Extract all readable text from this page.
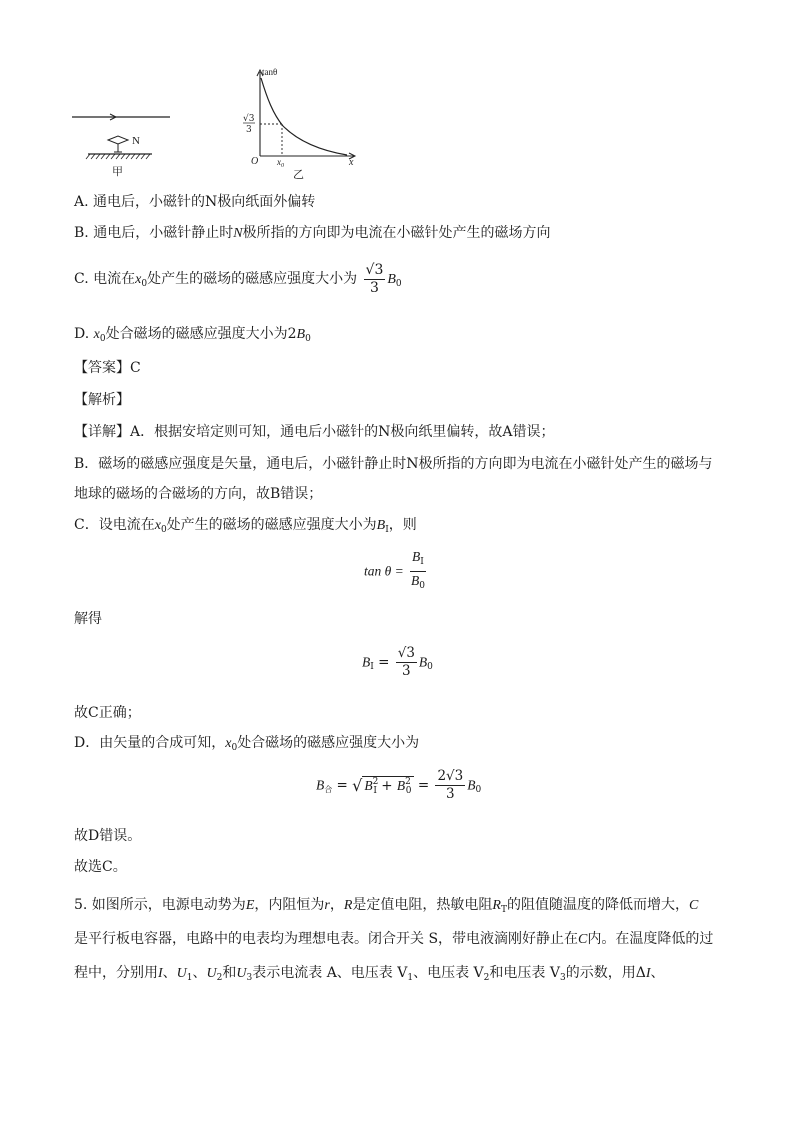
N
甲
tanθ
√3
3
O $x_0$	x
乙
A. 通电后，小磁针的N极向纸面外偏转
B. 通电后，小磁针静止时N极所指的方向即为电流在小磁针处产生的磁场方向
C. 电流在$x_0$处产生的磁场的磁感应强度大小为 $\frac{√3}{3} B_0$
D. $x_0$处合磁场的磁感应强度大小为$2B_0$
【答案】C
【解析】
【详解】A．根据安培定则可知，通电后小磁针的N极向纸里偏转，故A错误；
B．磁场的磁感应强度是矢量，通电后，小磁针静止时N极所指的方向即为电流在小磁针处产生的磁场与
地球的磁场的合磁场的方向，故B错误；
C．设电流在$x_0$处产生的磁场的磁感应强度大小为$B_I$，则
$\tan \theta = \frac{B_I}{B_0}$
解得
$B_I = \frac{√3}{3} B_0$
故C正确；
D．由矢量的合成可知，$x_0$处合磁场的磁感应强度大小为
$B_合$ = √ $B^2_I + B^2_0 = \frac{2√3}{3} B_0$
故D错误。
故选C。
5. 如图所示，电源电动势为E，内阻恒为r，R是定值电阻，热敏电阻$R_T$的阻值随温度的降低而增大，C
是平行板电容器，电路中的电表均为理想电表。闭合开关 S，带电液滴刚好静止在C内。在温度降低的过
程中，分别用I、$U_1$、$U_2$和$U_3$表示电流表 A、电压表 $V_1$、电压表 $V_2$和电压表 $V_3$的示数，用ΔI、
